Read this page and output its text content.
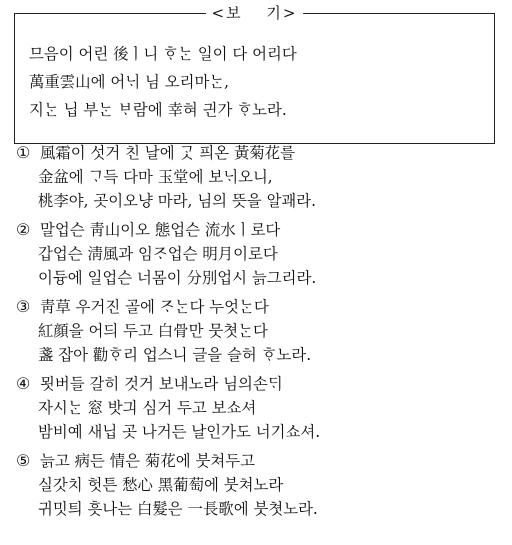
<보　 기>
므음이 어린 後ㅣ니 ᄒᆞᄂᆞᆫ 일이 다 어리다
萬重雲山에 어ᄂᆡ 님 오리마ᄂᆞᆫ,
지ᄂᆞᆫ 닙 부ᄂᆞᆫ ᄇᆞ람에 幸혀 긘가 ᄒᆞ노라.
① 風霜이 섯거 친 날에 ᄀᆞᆺ 픠온 黃菊花를
金盆에 ᄀᆞ득 다마 玉堂에 보ᄂᆡ오니,
桃李야, 곳이오냥 마라, 님의 뜻을 알괘라.
② 말업슨 靑山이오 態업슨 流水ㅣ로다
갑업슨 淸風과 임ᄌᆞ업슨 明月이로다
이듕에 일업슨 너몸이 分別업시 늙그리라.
③ 靑草 우거진 골에 ᄌᆞᄂᆞᆫ다 누엇ᄂᆞᆫ다
紅顔을 어듸 두고 白骨만 뭇쳣ᄂᆞᆫ다
盞 잡아 勸ᄒᆞ리 업스니 글을 슬허 ᄒᆞ노라.
④ 묏버들 갈히 것거 보내노라 님의손ᄃᆡ
자시ᄂᆞᆫ 窓 밧긔 심거 두고 보쇼셔
밤비예 새닙 곳 나거든 날인가도 너기쇼셔.
⑤ 늙고 病든 情은 菊花에 붓쳐두고
실갓치 헛튼 愁心 黑葡萄에 붓쳐노라
귀밋틔 흣나는 白髮은 一長歌에 붓쳣노라.
